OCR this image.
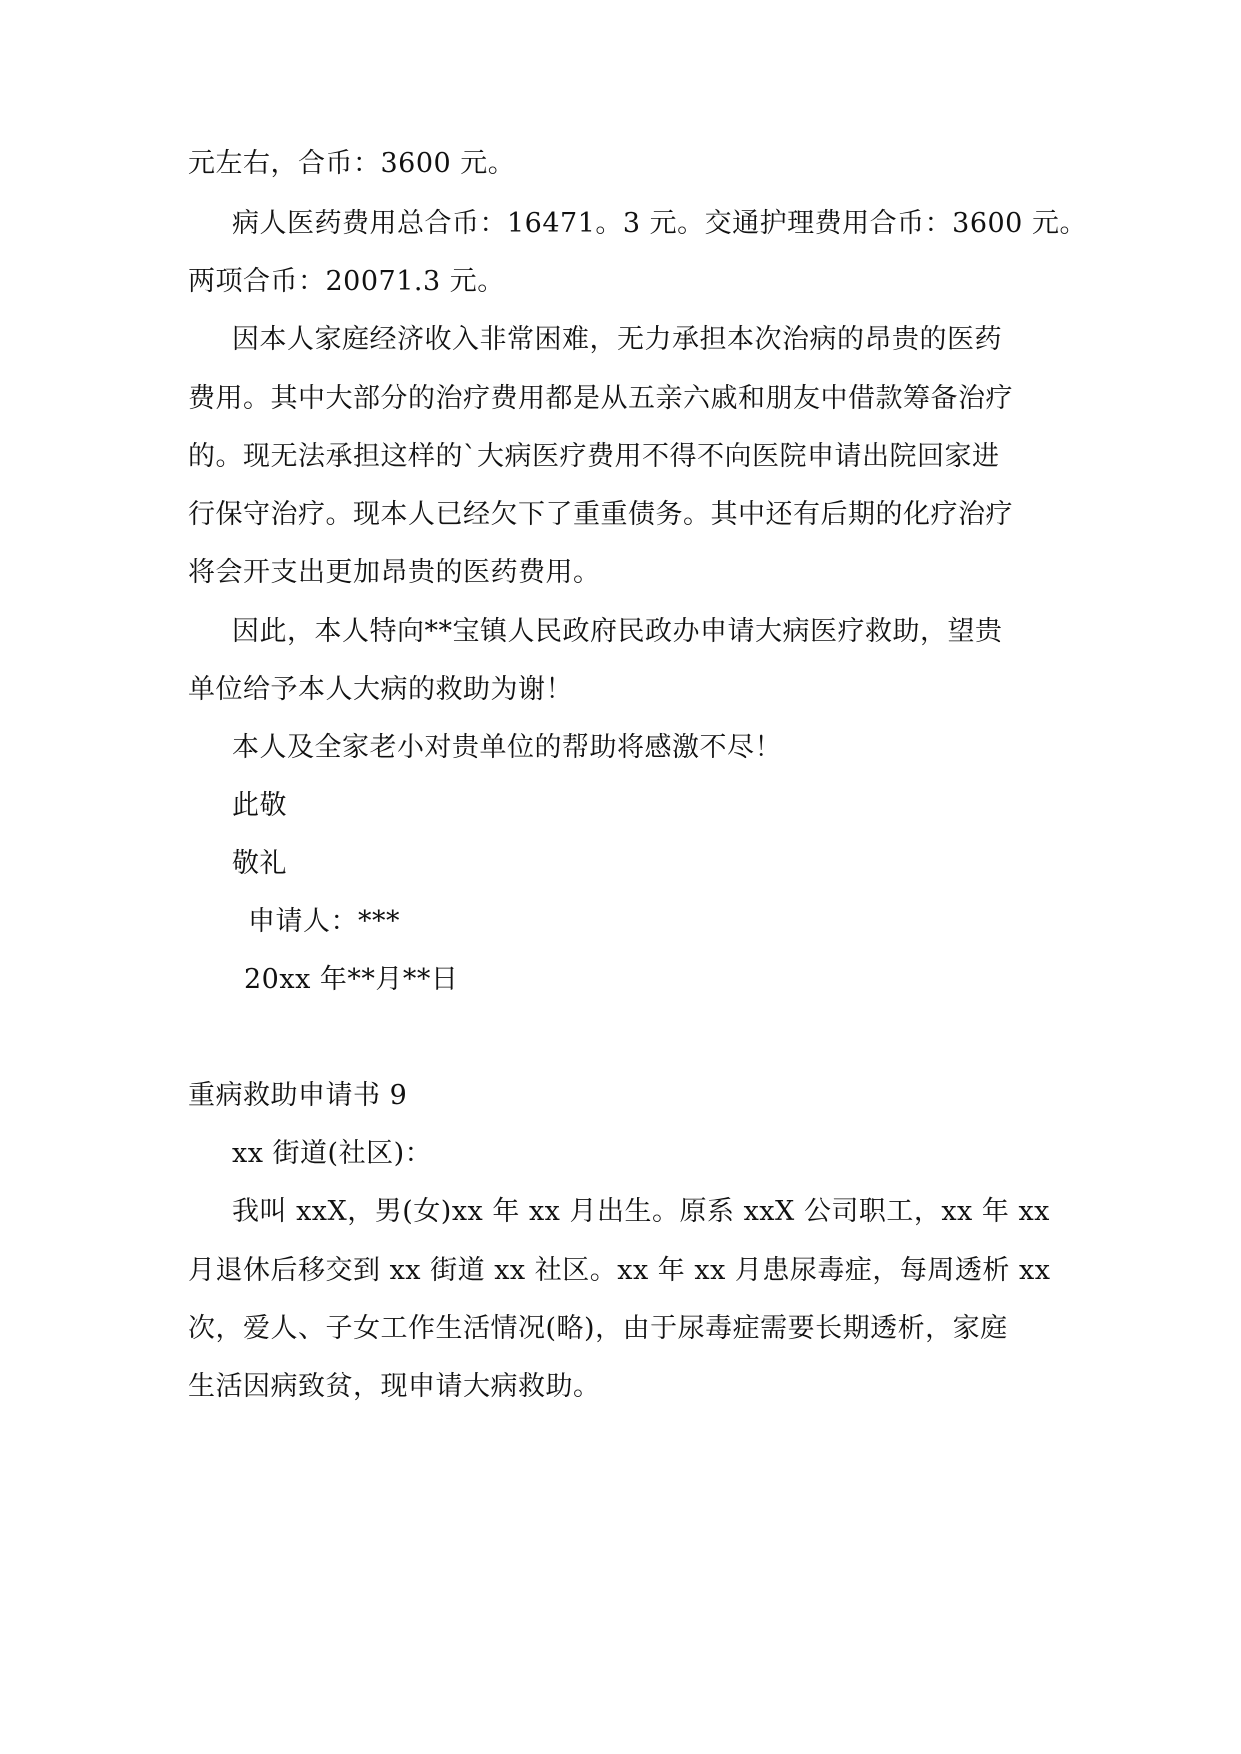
元左右，合币：3600 元。
病人医药费用总合币：16471。3 元。交通护理费用合币：3600 元。
两项合币：20071.3 元。
因本人家庭经济收入非常困难，无力承担本次治病的昂贵的医药
费用。其中大部分的治疗费用都是从五亲六戚和朋友中借款筹备治疗
的。现无法承担这样的`大病医疗费用不得不向医院申请出院回家进
行保守治疗。现本人已经欠下了重重债务。其中还有后期的化疗治疗
将会开支出更加昂贵的医药费用。
因此，本人特向**宝镇人民政府民政办申请大病医疗救助，望贵
单位给予本人大病的救助为谢！
本人及全家老小对贵单位的帮助将感激不尽！
此敬
敬礼
申请人：***
20xx 年**月**日
重病救助申请书 9
xx 街道(社区)：
我叫 xxX，男(女)xx 年 xx 月出生。原系 xxX 公司职工，xx 年 xx
月退休后移交到 xx 街道 xx 社区。xx 年 xx 月患尿毒症，每周透析 xx
次，爱人、子女工作生活情况(略)，由于尿毒症需要长期透析，家庭
生活因病致贫，现申请大病救助。
